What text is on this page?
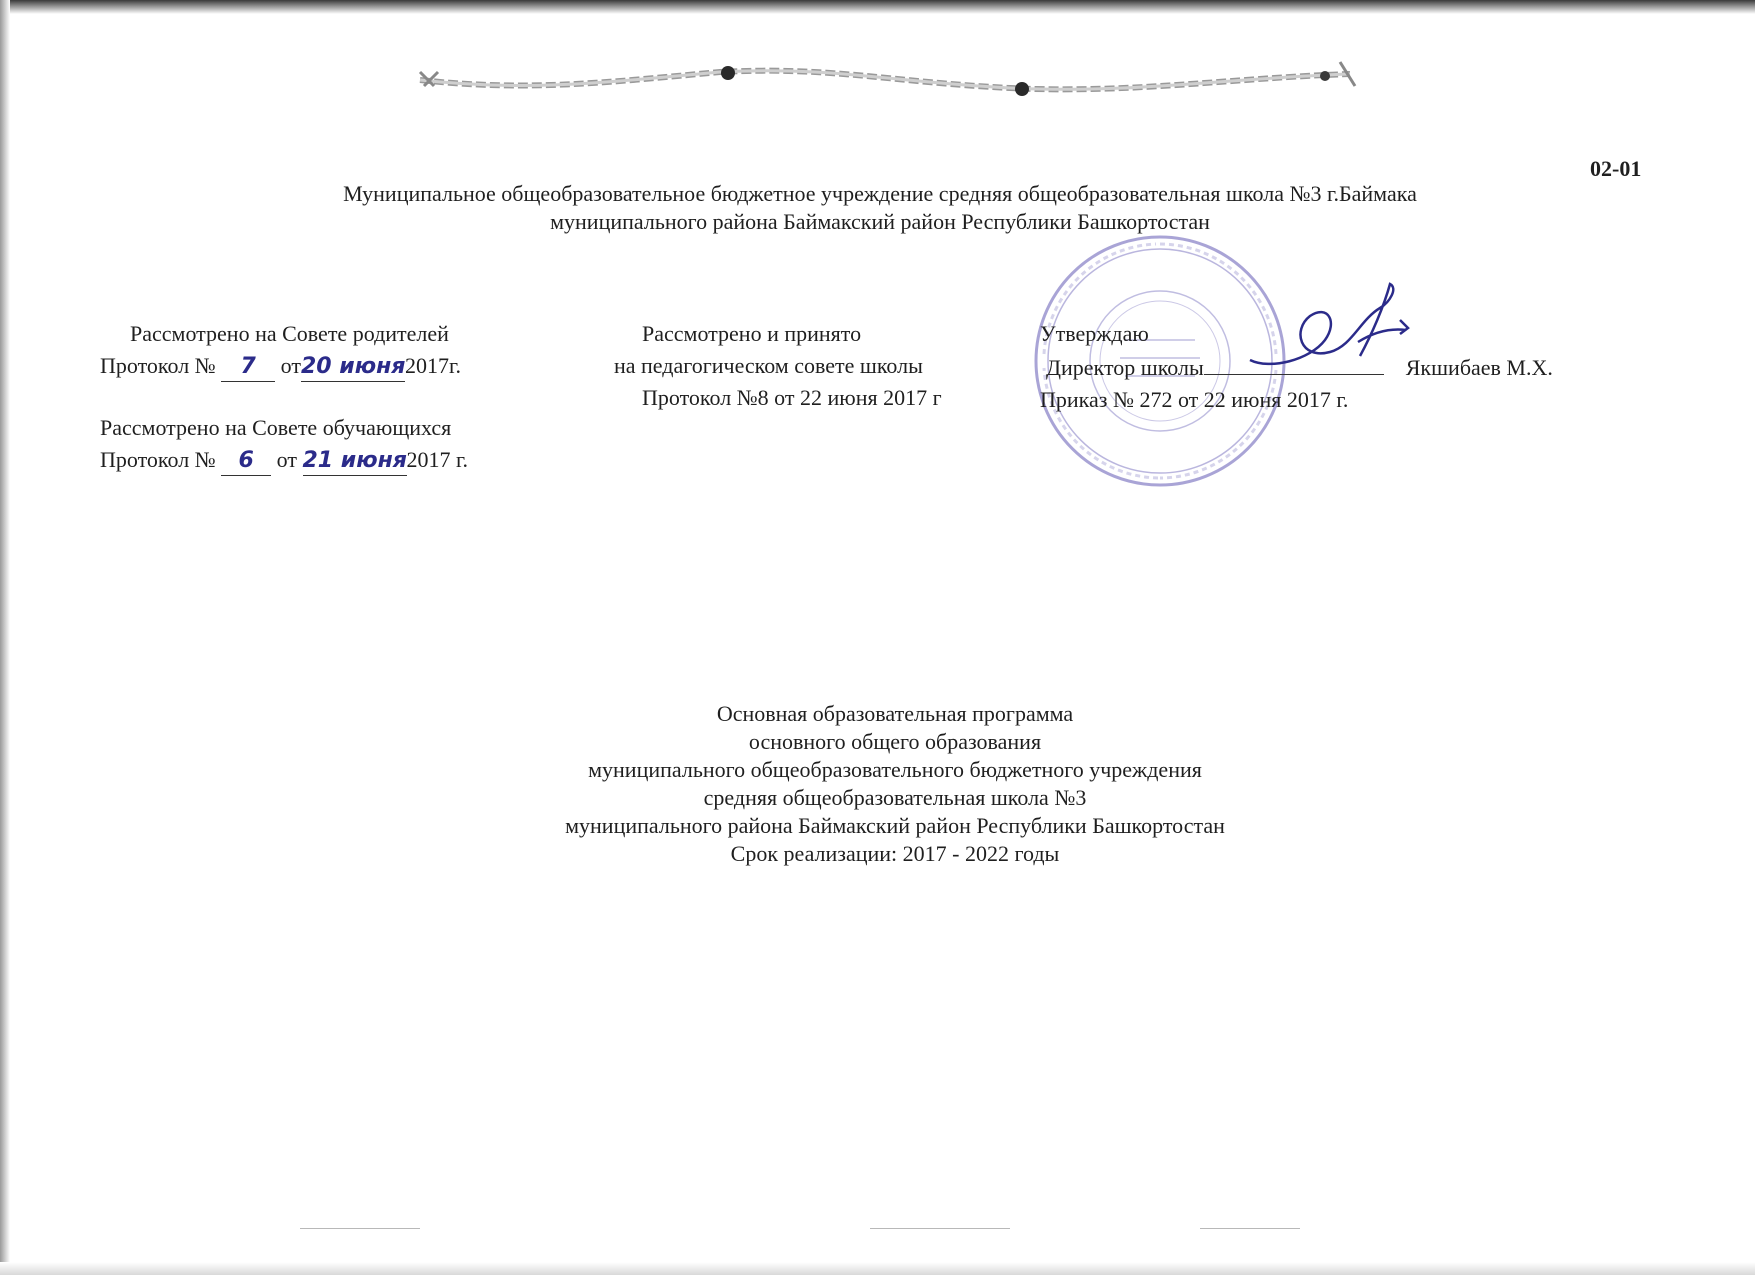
02-01
Муниципальное общеобразовательное бюджетное учреждение средняя общеобразовательная школа №3 г.Баймака
муниципального района Баймакский район Республики Башкортостан
Рассмотрено на Совете родителей
Протокол № 7 от20 июня2017г.
Рассмотрено на Совете обучающихся
Протокол № 6 от 21 июня2017 г.
Рассмотрено и принято
на педагогическом совете школы
Протокол №8 от 22 июня 2017 г
Утверждаю
Директор школы	Якшибаев М.Х.
Приказ № 272 от 22 июня 2017 г.
Основная образовательная программа
основного общего образования
муниципального общеобразовательного бюджетного учреждения
средняя общеобразовательная школа №3
муниципального района Баймакский район Республики Башкортостан
Срок реализации: 2017 - 2022 годы
